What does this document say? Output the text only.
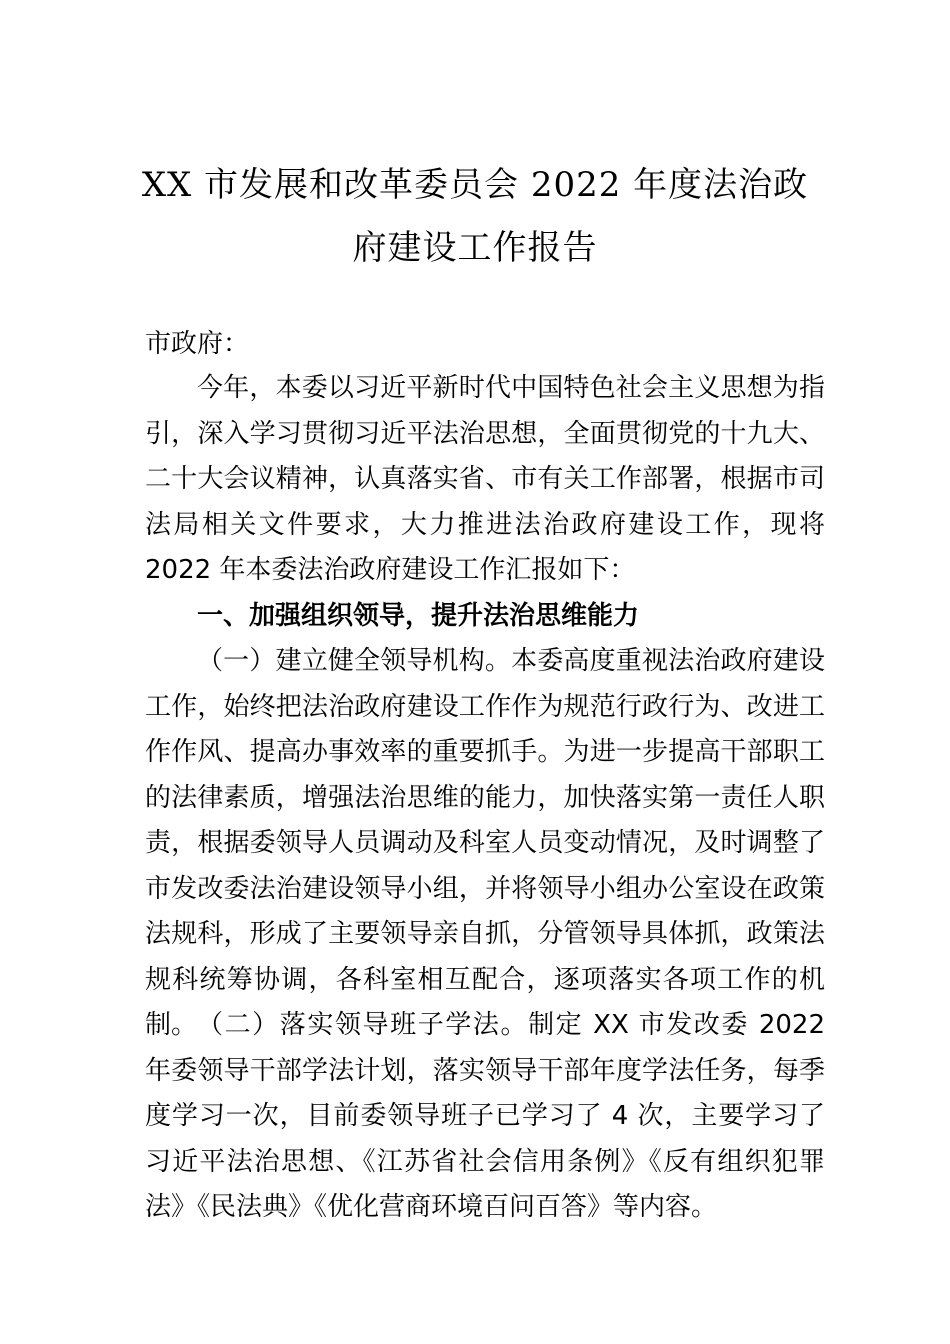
XX 市发展和改革委员会 2022 年度法治政
府建设工作报告

市政府：

今年，本委以习近平新时代中国特色社会主义思想为指引，深入学习贯彻习近平法治思想，全面贯彻党的十九大、 二十大会议精神，认真落实省、市有关工作部署，根据市司法局相关文件要求，大力推进法治政府建设工作，现将 2022 年本委法治政府建设工作汇报如下：

一、加强组织领导，提升法治思维能力

（一）建立健全领导机构。本委高度重视法治政府建设工作，始终把法治政府建设工作作为规范行政行为、改进工作作风、提高办事效率的重要抓手。为进一步提高干部职工的法律素质，增强法治思维的能力，加快落实第一责任人职责，根据委领导人员调动及科室人员变动情况，及时调整了市发改委法治建设领导小组，并将领导小组办公室设在政策法规科，形成了主要领导亲自抓，分管领导具体抓，政策法规科统筹协调，各科室相互配合，逐项落实各项工作的机制。 （二）落实领导班子学法。制定 XX 市发改委 2022 年委领导干部学法计划，落实领导干部年度学法任务，每季度学习一次，目前委领导班子已学习了 4 次，主要学习了习近平法治思想、《江苏省社会信用条例》《反有组织犯罪法》《民法典》《优化营商环境百问百答》等内容。
